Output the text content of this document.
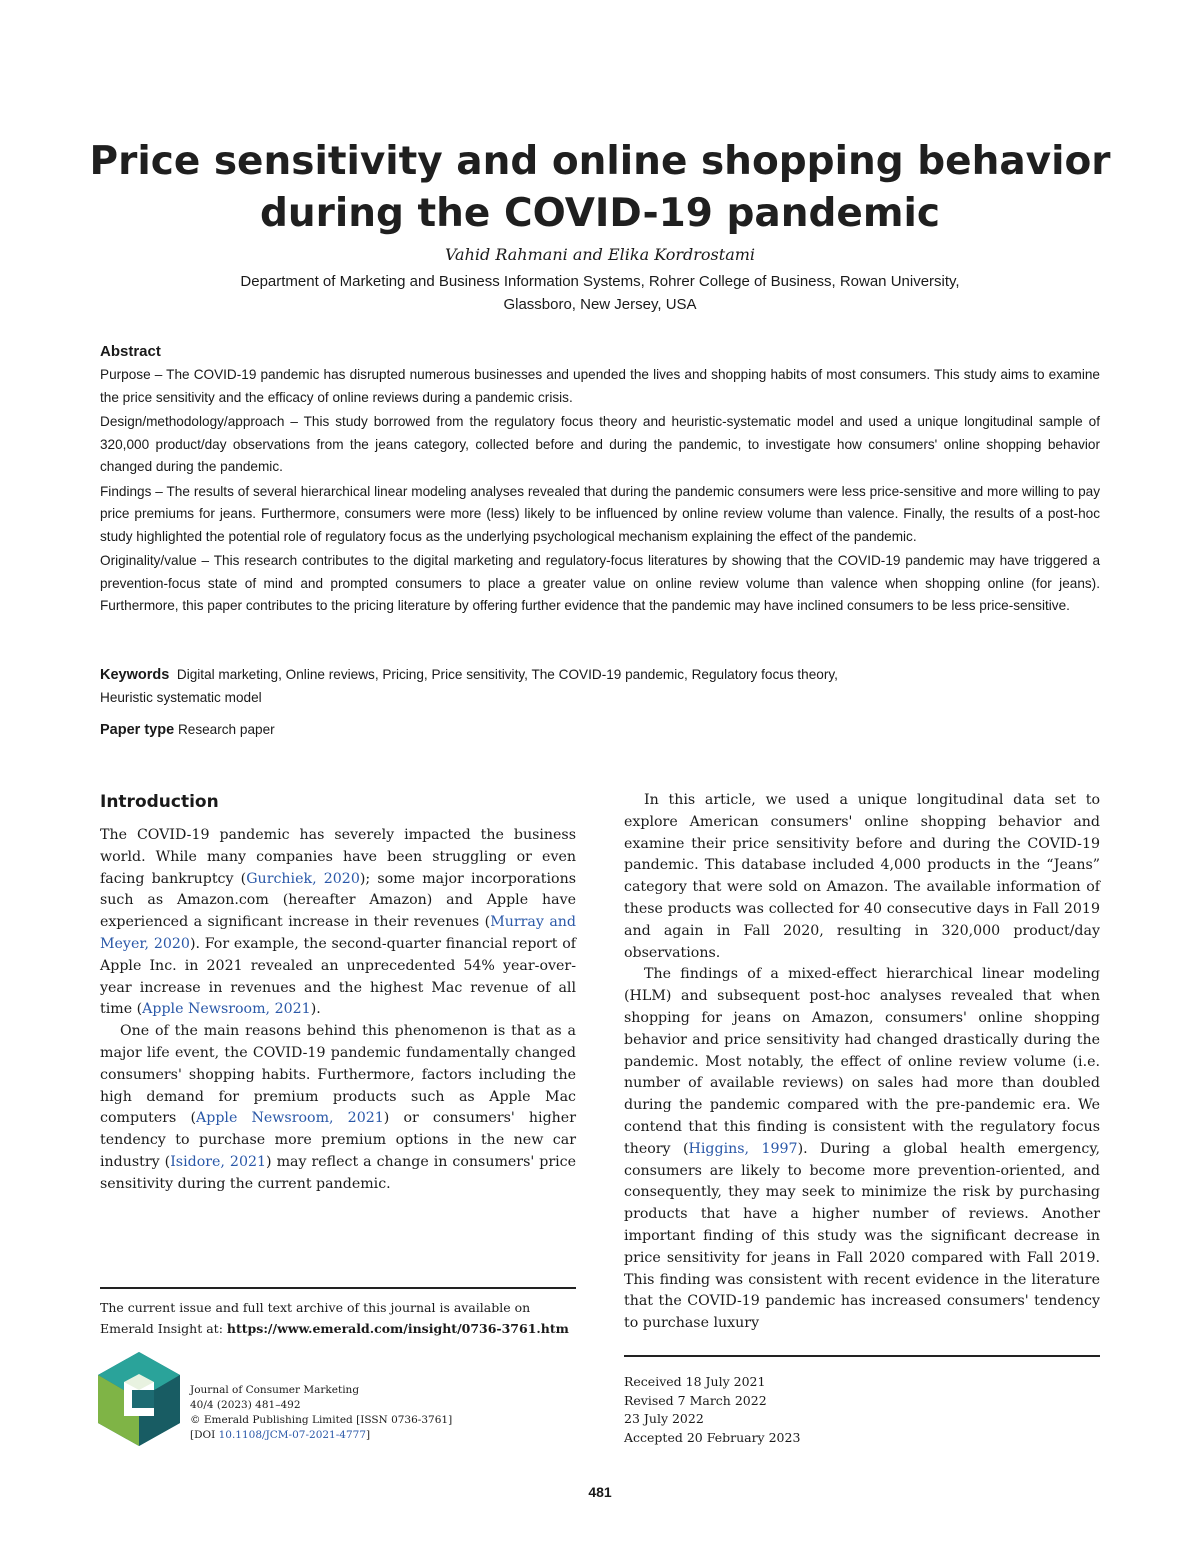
Price sensitivity and online shopping behavior
during the COVID-19 pandemic
Vahid Rahmani and Elika Kordrostami
Department of Marketing and Business Information Systems, Rohrer College of Business, Rowan University,
Glassboro, New Jersey, USA
Abstract

Purpose – The COVID-19 pandemic has disrupted numerous businesses and upended the lives and shopping habits of most consumers. This study aims to examine the price sensitivity and the efficacy of online reviews during a pandemic crisis.

Design/methodology/approach – This study borrowed from the regulatory focus theory and heuristic-systematic model and used a unique longitudinal sample of 320,000 product/day observations from the jeans category, collected before and during the pandemic, to investigate how consumers' online shopping behavior changed during the pandemic.

Findings – The results of several hierarchical linear modeling analyses revealed that during the pandemic consumers were less price-sensitive and more willing to pay price premiums for jeans. Furthermore, consumers were more (less) likely to be influenced by online review volume than valence. Finally, the results of a post-hoc study highlighted the potential role of regulatory focus as the underlying psychological mechanism explaining the effect of the pandemic.

Originality/value – This research contributes to the digital marketing and regulatory-focus literatures by showing that the COVID-19 pandemic may have triggered a prevention-focus state of mind and prompted consumers to place a greater value on online review volume than valence when shopping online (for jeans). Furthermore, this paper contributes to the pricing literature by offering further evidence that the pandemic may have inclined consumers to be less price-sensitive.

Keywords Digital marketing, Online reviews, Pricing, Price sensitivity, The COVID-19 pandemic, Regulatory focus theory,
Heuristic systematic model
Paper type Research paper
Introduction

The COVID-19 pandemic has severely impacted the business world. While many companies have been struggling or even facing bankruptcy (Gurchiek, 2020); some major incorporations such as Amazon.com (hereafter Amazon) and Apple have experienced a significant increase in their revenues (Murray and Meyer, 2020). For example, the second-quarter financial report of Apple Inc. in 2021 revealed an unprecedented 54% year-over-year increase in revenues and the highest Mac revenue of all time (Apple Newsroom, 2021).

One of the main reasons behind this phenomenon is that as a major life event, the COVID-19 pandemic fundamentally changed consumers' shopping habits. Furthermore, factors including the high demand for premium products such as Apple Mac computers (Apple Newsroom, 2021) or consumers' higher tendency to purchase more premium options in the new car industry (Isidore, 2021) may reflect a change in consumers' price sensitivity during the current pandemic.

In this article, we used a unique longitudinal data set to explore American consumers' online shopping behavior and examine their price sensitivity before and during the COVID-19 pandemic. This database included 4,000 products in the “Jeans” category that were sold on Amazon. The available information of these products was collected for 40 consecutive days in Fall 2019 and again in Fall 2020, resulting in 320,000 product/day observations.

The findings of a mixed-effect hierarchical linear modeling (HLM) and subsequent post-hoc analyses revealed that when shopping for jeans on Amazon, consumers' online shopping behavior and price sensitivity had changed drastically during the pandemic. Most notably, the effect of online review volume (i.e. number of available reviews) on sales had more than doubled during the pandemic compared with the pre-pandemic era. We contend that this finding is consistent with the regulatory focus theory (Higgins, 1997). During a global health emergency, consumers are likely to become more prevention-oriented, and consequently, they may seek to minimize the risk by purchasing products that have a higher number of reviews. Another important finding of this study was the significant decrease in price sensitivity for jeans in Fall 2020 compared with Fall 2019. This finding was consistent with recent evidence in the literature that the COVID-19 pandemic has increased consumers' tendency to purchase luxury

The current issue and full text archive of this journal is available on Emerald Insight at: https://www.emerald.com/insight/0736-3761.htm
Journal of Consumer Marketing
40/4 (2023) 481–492
© Emerald Publishing Limited [ISSN 0736-3761]
[DOI 10.1108/JCM-07-2021-4777]
Received 18 July 2021
Revised 7 March 2022
23 July 2022
Accepted 20 February 2023
481
